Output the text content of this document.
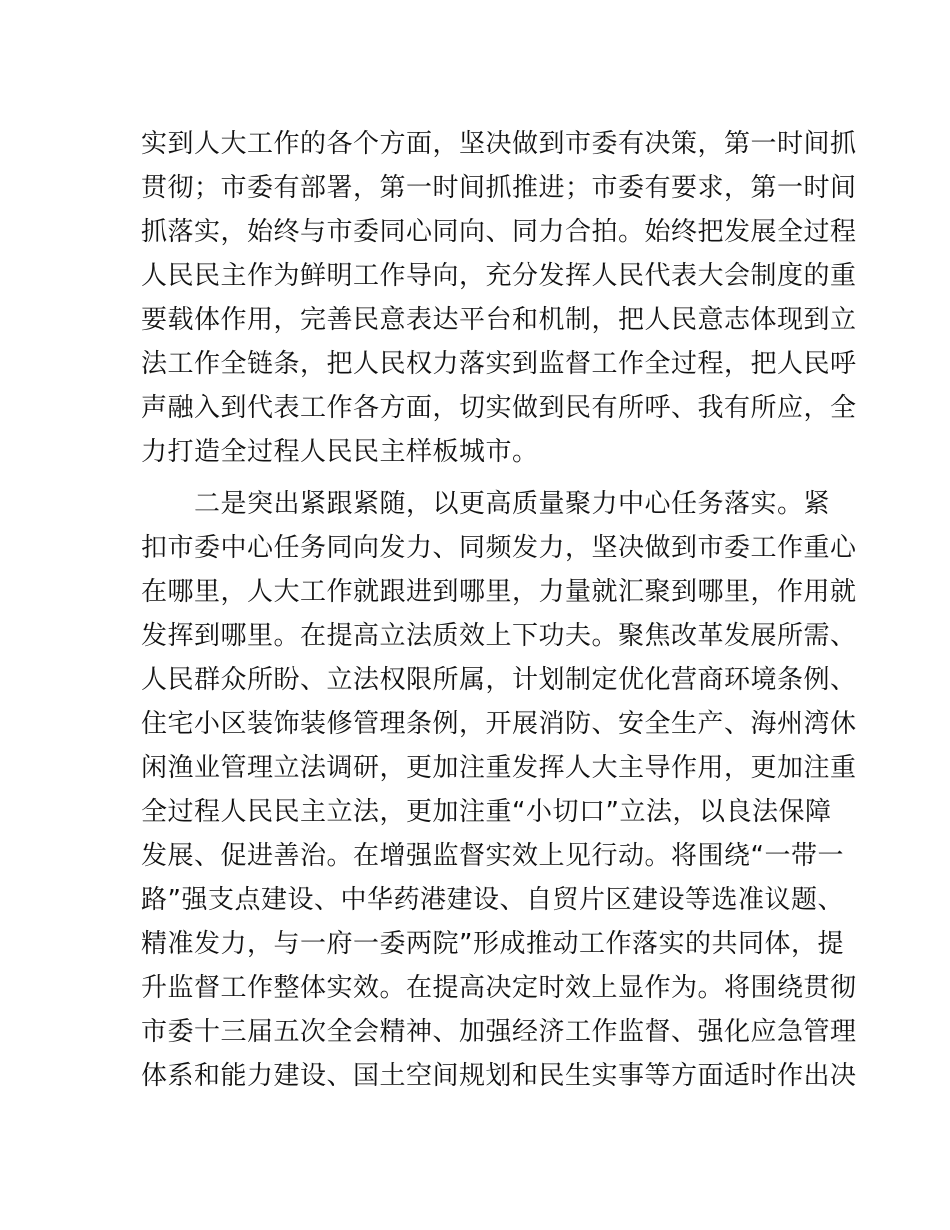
实到人大工作的各个方面，坚决做到市委有决策，第一时间抓
贯彻；市委有部署，第一时间抓推进；市委有要求，第一时间
抓落实，始终与市委同心同向、同力合拍。始终把发展全过程
人民民主作为鲜明工作导向，充分发挥人民代表大会制度的重
要载体作用，完善民意表达平台和机制，把人民意志体现到立
法工作全链条，把人民权力落实到监督工作全过程，把人民呼
声融入到代表工作各方面，切实做到民有所呼、我有所应，全
力打造全过程人民民主样板城市。
　　二是突出紧跟紧随，以更高质量聚力中心任务落实。紧
扣市委中心任务同向发力、同频发力，坚决做到市委工作重心
在哪里，人大工作就跟进到哪里，力量就汇聚到哪里，作用就
发挥到哪里。在提高立法质效上下功夫。聚焦改革发展所需、
人民群众所盼、立法权限所属，计划制定优化营商环境条例、
住宅小区装饰装修管理条例，开展消防、安全生产、海州湾休
闲渔业管理立法调研，更加注重发挥人大主导作用，更加注重
全过程人民民主立法，更加注重“小切口”立法，以良法保障
发展、促进善治。在增强监督实效上见行动。将围绕“一带一
路”强支点建设、中华药港建设、自贸片区建设等选准议题、
精准发力，与一府一委两院”形成推动工作落实的共同体，提
升监督工作整体实效。在提高决定时效上显作为。将围绕贯彻
市委十三届五次全会精神、加强经济工作监督、强化应急管理
体系和能力建设、国土空间规划和民生实事等方面适时作出决
